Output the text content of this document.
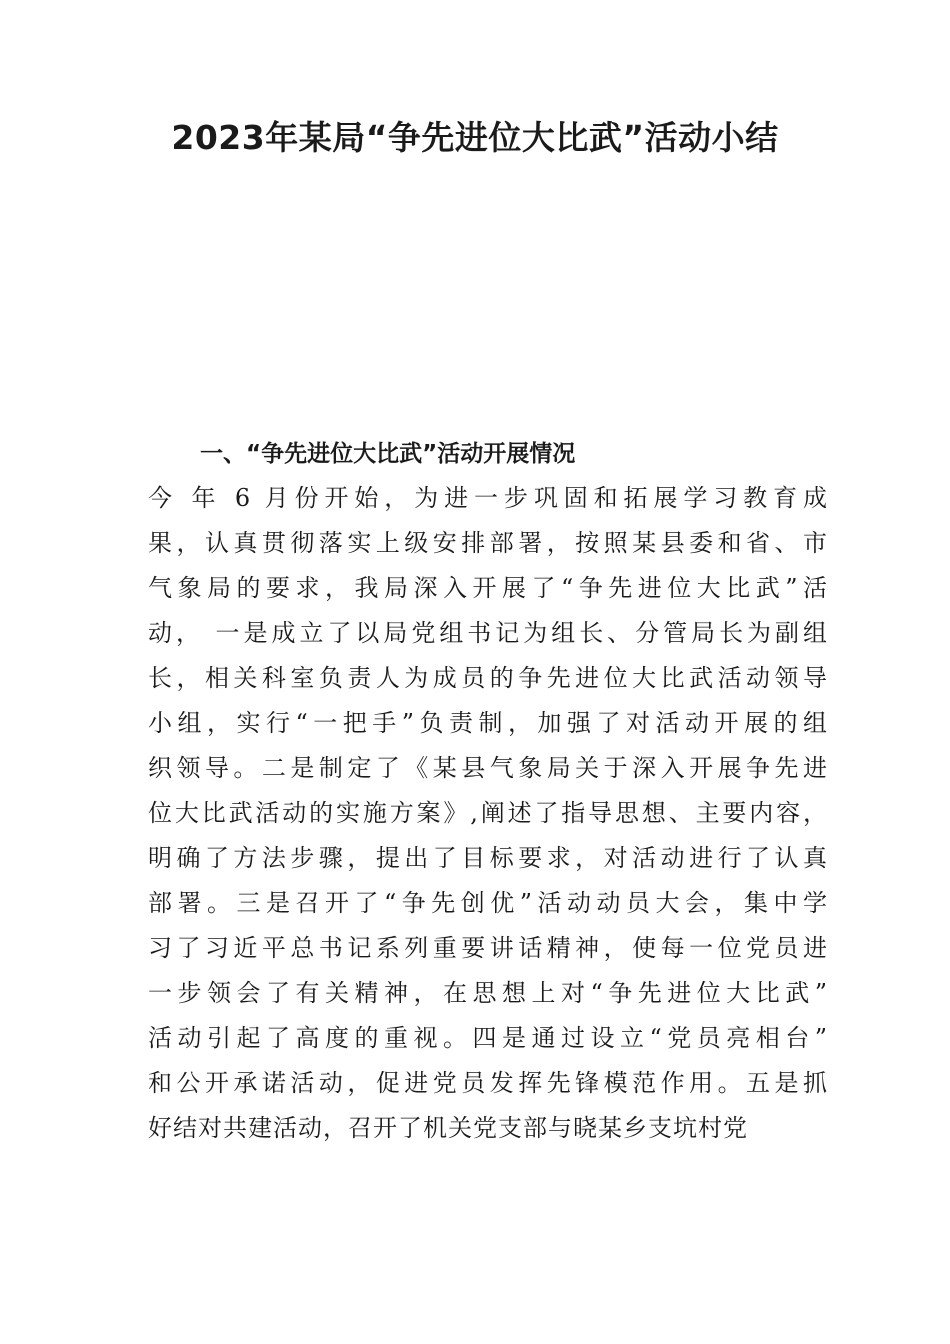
2023年某局“争先进位大比武”活动小结
一、“争先进位大比武”活动开展情况
今 年 6 月份开始，为进一步巩固和拓展学习教育成
果，认真贯彻落实上级安排部署，按照某县委和省、市
气象局的要求，我局深入开展了“争先进位大比武”活
动， 一是成立了以局党组书记为组长、分管局长为副组
长，相关科室负责人为成员的争先进位大比武活动领导
小组，实行“一把手”负责制，加强了对活动开展的组
织领导。二是制定了《某县气象局关于深入开展争先进
位大比武活动的实施方案》,阐述了指导思想、主要内容，
明确了方法步骤，提出了目标要求，对活动进行了认真
部署。三是召开了“争先创优”活动动员大会，集中学
习了习近平总书记系列重要讲话精神，使每一位党员进
一步领会了有关精神，在思想上对“争先进位大比武”
活动引起了高度的重视。四是通过设立“党员亮相台”
和公开承诺活动，促进党员发挥先锋模范作用。五是抓
好结对共建活动，召开了机关党支部与晓某乡支坑村党
